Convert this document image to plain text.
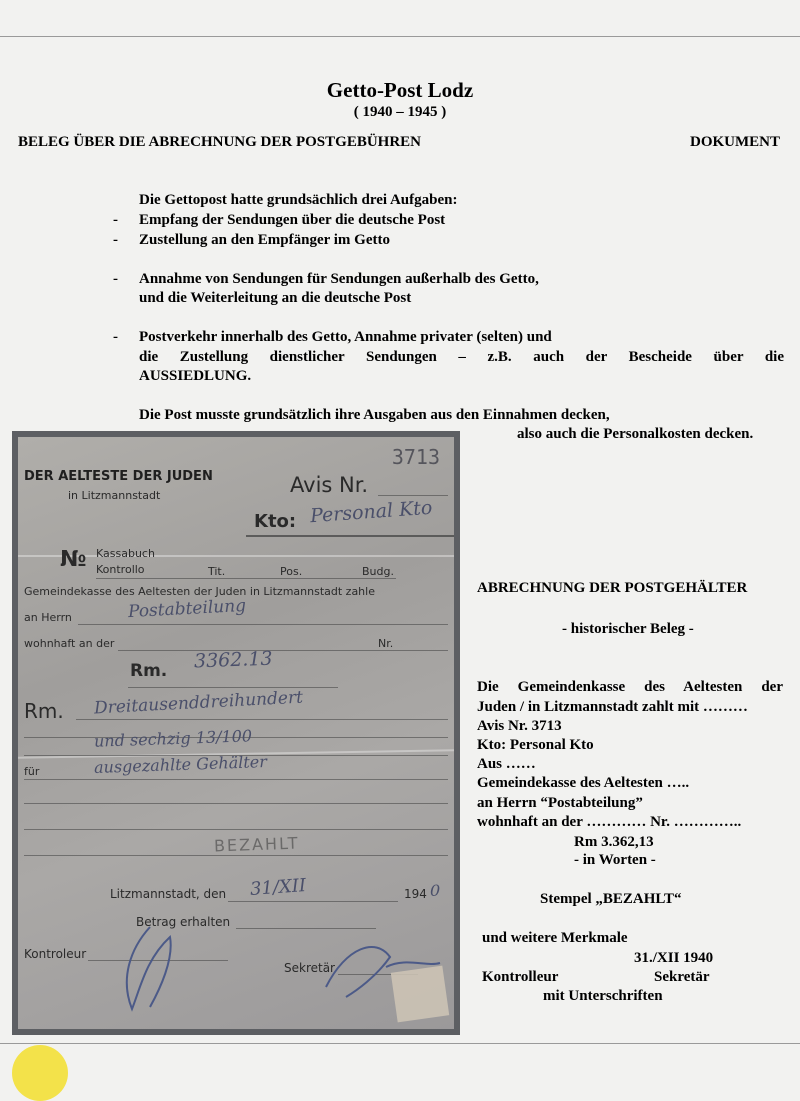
Getto-Post Lodz
( 1940 – 1945 )
BELEG ÜBER DIE ABRECHNUNG DER POSTGEBÜHREN	DOKUMENT
Die Gettopost hatte grundsächlich drei Aufgaben:
- Empfang der Sendungen über die deutsche Post
- Zustellung an den Empfänger im Getto
- Annahme von Sendungen für Sendungen außerhalb des Getto,
und die Weiterleitung an die deutsche Post
- Postverkehr innerhalb des Getto, Annahme privater (selten) und
die Zustellung dienstlicher Sendungen – z.B. auch der Bescheide über die
AUSSIEDLUNG.
Die Post musste grundsätzlich ihre Ausgaben aus den Einnahmen decken,
also auch die Personalkosten decken.
3713
DER AELTESTE DER JUDEN
in Litzmannstadt	Avis Nr.
Kto: Personal Kto
№ Kassabuch
Kontrollo	Tit.	Pos.	Budg.
Gemeindekasse des Aeltesten der Juden in Litzmannstadt zahle
an Herrn	Postabteilung
wohnhaft an der	Nr.
Rm. 3362.13
Rm. Dreitausenddreihundert
und sechzig 13/100
für	ausgezahlte Gehälter
BEZAHLT
Litzmannstadt, den 31/XII	194 0
Betrag erhalten
Kontroleur
Sekretär
ABRECHNUNG DER POSTGEHÄLTER
- historischer Beleg -
Die Gemeindenkasse des Aeltesten der
Juden / in Litzmannstadt zahlt mit ………
Avis Nr. 3713
Kto: Personal Kto
Aus ……
Gemeindekasse des Aeltesten …..
an Herrn “Postabteilung”
wohnhaft an der ………… Nr. …………..
Rm 3.362,13
- in Worten -
Stempel „BEZAHLT“
und weitere Merkmale
31./XII 1940
Kontrolleur	Sekretär
mit Unterschriften
